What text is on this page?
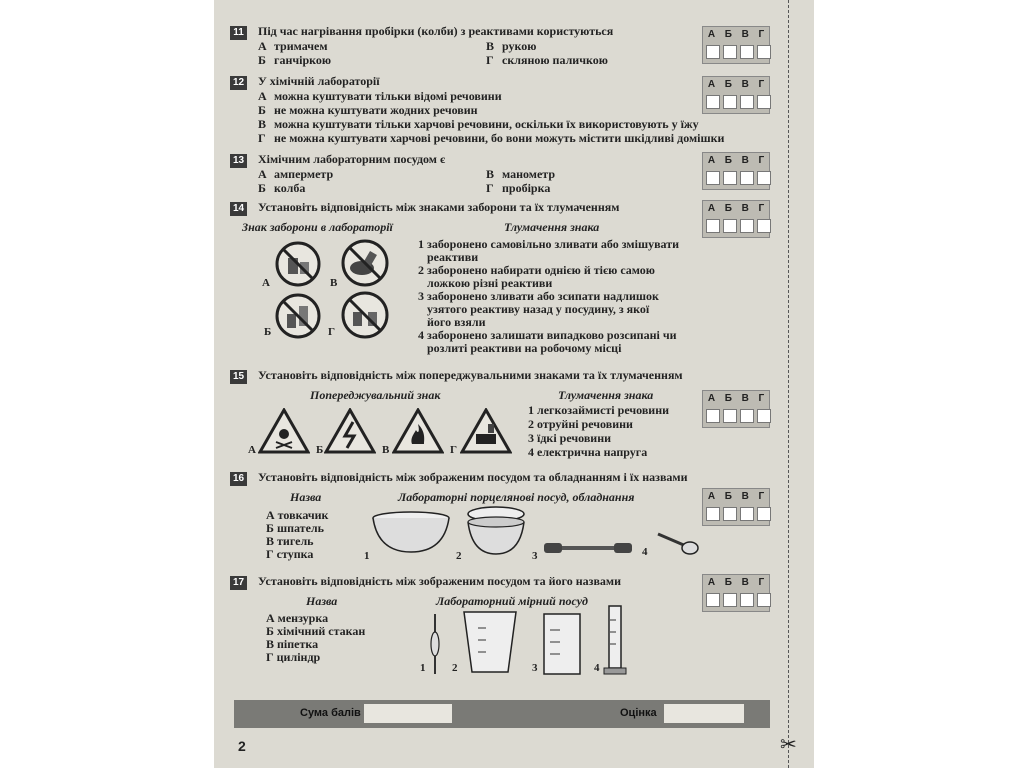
11 Під час нагрівання пробірки (колби) з реактивами користуються
А тримачем
Б ганчіркою
В рукою
Г скляною паличкою
А Б В Г
12 У хімічній лабораторії
А можна куштувати тільки відомі речовини
Б не можна куштувати жодних речовин
В можна куштувати тільки харчові речовини, оскільки їх використовують у їжу
Г не можна куштувати харчові речовини, бо вони можуть містити шкідливі домішки
А Б В Г
13 Хімічним лабораторним посудом є
А амперметр
Б колба
В манометр
Г пробірка
А Б В Г
14 Установіть відповідність між знаками заборони та їх тлумаченням	А Б В Г
Знак заборони в лабораторії	Тлумачення знака
А	В
Б	Г
1 заборонено самовільно зливати або змішувати
реактиви
2 заборонено набирати однією й тією самою
ложкою різні реактиви
3 заборонено зливати або зсипати надлишок
узятого реактиву назад у посудину, з якої
його взяли
4 заборонено залишати випадково розсипані чи
розлиті реактиви на робочому місці
15 Установіть відповідність між попереджувальними знаками та їх тлумаченням
А Б В Г
Попереджувальний знак	Тлумачення знака
А	Б	В	Г
1 легкозаймисті речовини
2 отруйні речовини
3 їдкі речовини
4 електрична напруга
16 Установіть відповідність між зображеним посудом та обладнанням і їх назвами
А Б В Г
Назва	Лабораторні порцелянові посуд, обладнання
А товкачик
Б шпатель
В тигель
Г ступка	1	2	3	4
17 Установіть відповідність між зображеним посудом та його назвами	А Б В Г
Назва	Лабораторний мірний посуд
А мензурка
Б хімічний стакан
В піпетка
Г циліндр
1 2	3	4
Сума балів	Оцінка
2	✂
